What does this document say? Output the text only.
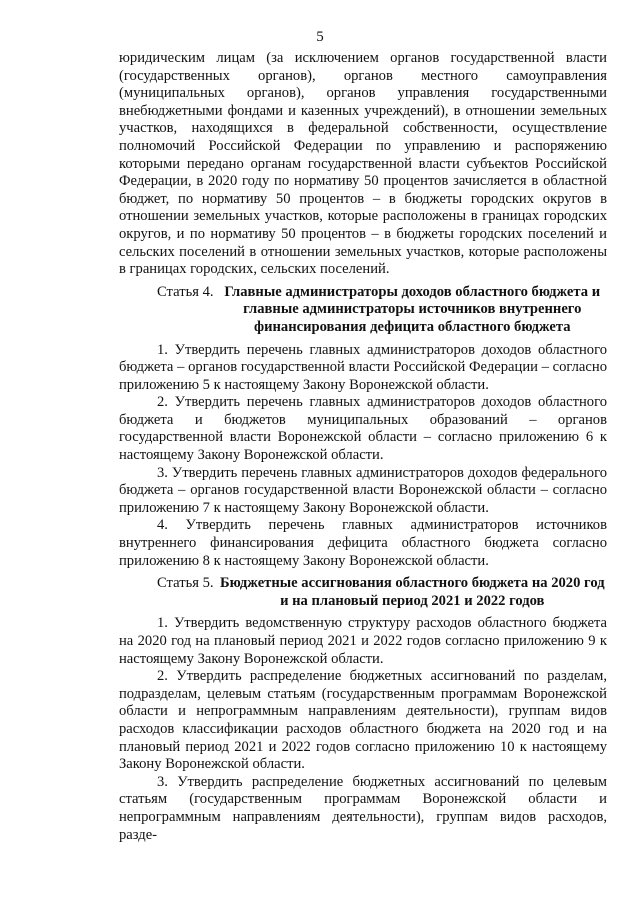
5

юридическим лицам (за исключением органов государственной власти (государственных органов), органов местного самоуправления (муниципальных органов), органов управления государственными внебюджетными фондами и казенных учреждений), в отношении земельных участков, находящихся в федеральной собственности, осуществление полномочий Российской Федерации по управлению и распоряжению которыми передано органам государственной власти субъектов Российской Федерации, в 2020 году по нормативу 50 процентов зачисляется в областной бюджет, по нормативу 50 процентов – в бюджеты городских округов в отношении земельных участков, которые расположены в границах городских округов, и по нормативу 50 процентов – в бюджеты городских поселений и сельских поселений в отношении земельных участков, которые расположены в границах городских, сельских поселений.

Статья 4. Главные администраторы доходов областного бюджета и главные администраторы источников внутреннего финансирования дефицита областного бюджета

1. Утвердить перечень главных администраторов доходов областного бюджета – органов государственной власти Российской Федерации – согласно приложению 5 к настоящему Закону Воронежской области.

2. Утвердить перечень главных администраторов доходов областного бюджета и бюджетов муниципальных образований – органов государственной власти Воронежской области – согласно приложению 6 к настоящему Закону Воронежской области.

3. Утвердить перечень главных администраторов доходов федерального бюджета – органов государственной власти Воронежской области – согласно приложению 7 к настоящему Закону Воронежской области.

4. Утвердить перечень главных администраторов источников внутреннего финансирования дефицита областного бюджета согласно приложению 8 к настоящему Закону Воронежской области.

Статья 5. Бюджетные ассигнования областного бюджета на 2020 год и на плановый период 2021 и 2022 годов

1. Утвердить ведомственную структуру расходов областного бюджета на 2020 год на плановый период 2021 и 2022 годов согласно приложению 9 к настоящему Закону Воронежской области.

2. Утвердить распределение бюджетных ассигнований по разделам, подразделам, целевым статьям (государственным программам Воронежской области и непрограммным направлениям деятельности), группам видов расходов классификации расходов областного бюджета на 2020 год и на плановый период 2021 и 2022 годов согласно приложению 10 к настоящему Закону Воронежской области.

3. Утвердить распределение бюджетных ассигнований по целевым статьям (государственным программам Воронежской области и непрограммным направлениям деятельности), группам видов расходов, разде-
